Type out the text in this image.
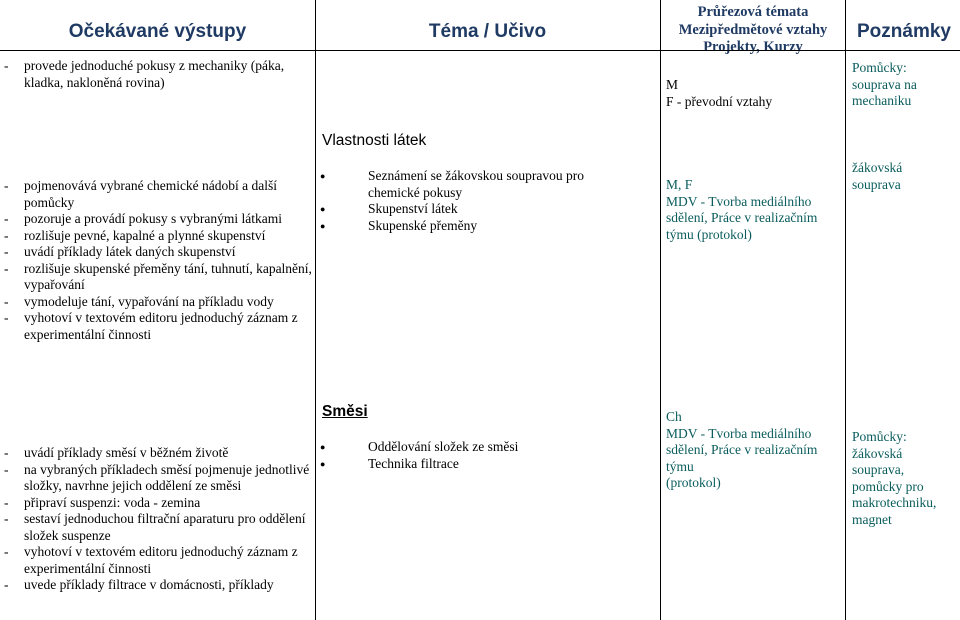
Očekávané výstupy	Téma / Učivo
Průřezová témata
Mezipředmětové vztahy
Projekty, Kurzy
Poznámky
- provede jednoduché pokusy z mechaniky (páka, kladka, nakloněná rovina)	M
F - převodní vztahy
Pomůcky:
souprava na
mechaniku
Vlastnosti látek
- pojmenovává vybrané chemické nádobí a další pomůcky
- pozoruje a provádí pokusy s vybranými látkami
- rozlišuje pevné, kapalné a plynné skupenství
- uvádí příklady látek daných skupenství
- rozlišuje skupenské přeměny tání, tuhnutí, kapalnění, vypařování
- vymodeluje tání, vypařování na příkladu vody
- vyhotoví v textovém editoru jednoduchý záznam z experimentální činnosti
● Seznámení se žákovskou soupravou pro chemické pokusy
● Skupenství látek
● Skupenské přeměny
M, F
MDV - Tvorba mediálního sdělení, Práce v realizačním týmu (protokol)
žákovská
souprava
Směsi
- uvádí příklady směsí v běžném životě
- na vybraných příkladech směsí pojmenuje jednotlivé složky, navrhne jejich oddělení ze směsi
- připraví suspenzi: voda - zemina
- sestaví jednoduchou filtrační aparaturu pro oddělení složek suspenze
- vyhotoví v textovém editoru jednoduchý záznam z experimentální činnosti
- uvede příklady filtrace v domácnosti, příklady
● Oddělování složek ze směsi
● Technika filtrace
Ch
MDV - Tvorba mediálního sdělení, Práce v realizačním týmu
(protokol)
Pomůcky: žákovská souprava, pomůcky pro makrotechniku, magnet
